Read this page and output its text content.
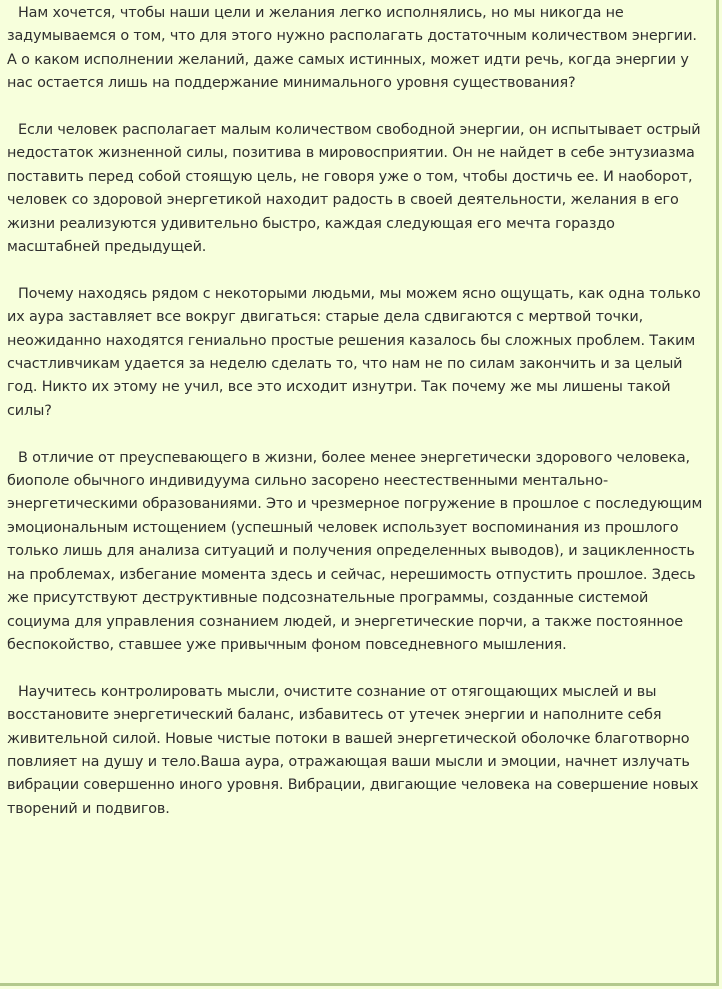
Нам хочется, чтобы наши цели и желания легко исполнялись, но мы никогда не задумываемся о том, что для этого нужно располагать достаточным количеством энергии. А о каком исполнении желаний, даже самых истинных, может идти речь, когда энергии у нас остается лишь на поддержание минимального уровня существования?

Если человек располагает малым количеством свободной энергии, он испытывает острый недостаток жизненной силы, позитива в мировосприятии. Он не найдет в себе энтузиазма поставить перед собой стоящую цель, не говоря уже о том, чтобы достичь ее. И наоборот, человек со здоровой энергетикой находит радость в своей деятельности, желания в его жизни реализуются удивительно быстро, каждая следующая его мечта гораздо масштабней предыдущей.

Почему находясь рядом с некоторыми людьми, мы можем ясно ощущать, как одна только их аура заставляет все вокруг двигаться: старые дела сдвигаются с мертвой точки, неожиданно находятся гениально простые решения казалось бы сложных проблем. Таким счастливчикам удается за неделю сделать то, что нам не по силам закончить и за целый год. Никто их этому не учил, все это исходит изнутри. Так почему же мы лишены такой силы?

В отличие от преуспевающего в жизни, более менее энергетически здорового человека, биополе обычного индивидуума сильно засорено неестественными ментально-энергетическими образованиями. Это и чрезмерное погружение в прошлое с последующим эмоциональным истощением (успешный человек использует воспоминания из прошлого только лишь для анализа ситуаций и получения определенных выводов), и зацикленность на проблемах, избегание момента здесь и сейчас, нерешимость отпустить прошлое. Здесь же присутствуют деструктивные подсознательные программы, созданные системой социума для управления сознанием людей, и энергетические порчи, а также постоянное беспокойство, ставшее уже привычным фоном повседневного мышления.

Научитесь контролировать мысли, очистите сознание от отягощающих мыслей и вы восстановите энергетический баланс, избавитесь от утечек энергии и наполните себя живительной силой. Новые чистые потоки в вашей энергетической оболочке благотворно повлияет на душу и тело.Ваша аура, отражающая ваши мысли и эмоции, начнет излучать вибрации совершенно иного уровня. Вибрации, двигающие человека на совершение новых творений и подвигов.
